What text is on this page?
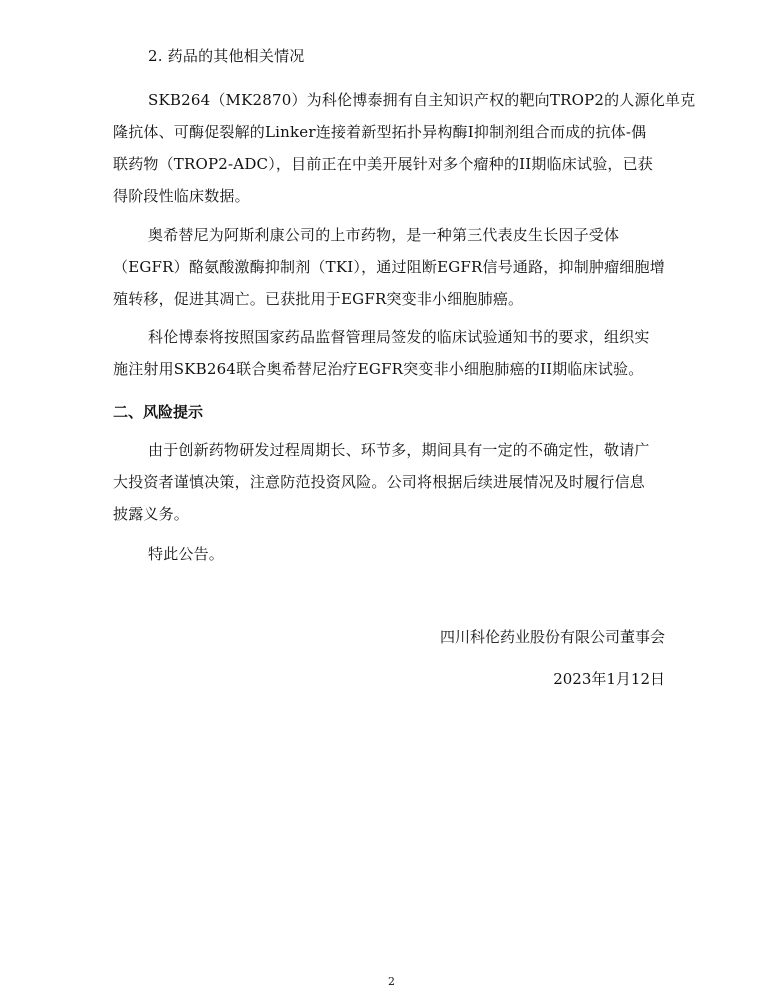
2. 药品的其他相关情况
SKB264（MK2870）为科伦博泰拥有自主知识产权的靶向TROP2的人源化单克
隆抗体、可酶促裂解的Linker连接着新型拓扑异构酶I抑制剂组合而成的抗体-偶
联药物（TROP2-ADC），目前正在中美开展针对多个瘤种的II期临床试验，已获
得阶段性临床数据。
奥希替尼为阿斯利康公司的上市药物，是一种第三代表皮生长因子受体
（EGFR）酪氨酸激酶抑制剂（TKI），通过阻断EGFR信号通路，抑制肿瘤细胞增
殖转移，促进其凋亡。已获批用于EGFR突变非小细胞肺癌。
科伦博泰将按照国家药品监督管理局签发的临床试验通知书的要求，组织实
施注射用SKB264联合奥希替尼治疗EGFR突变非小细胞肺癌的II期临床试验。
二、风险提示
由于创新药物研发过程周期长、环节多，期间具有一定的不确定性，敬请广
大投资者谨慎决策，注意防范投资风险。公司将根据后续进展情况及时履行信息
披露义务。
特此公告。
四川科伦药业股份有限公司董事会
2023年1月12日
2
